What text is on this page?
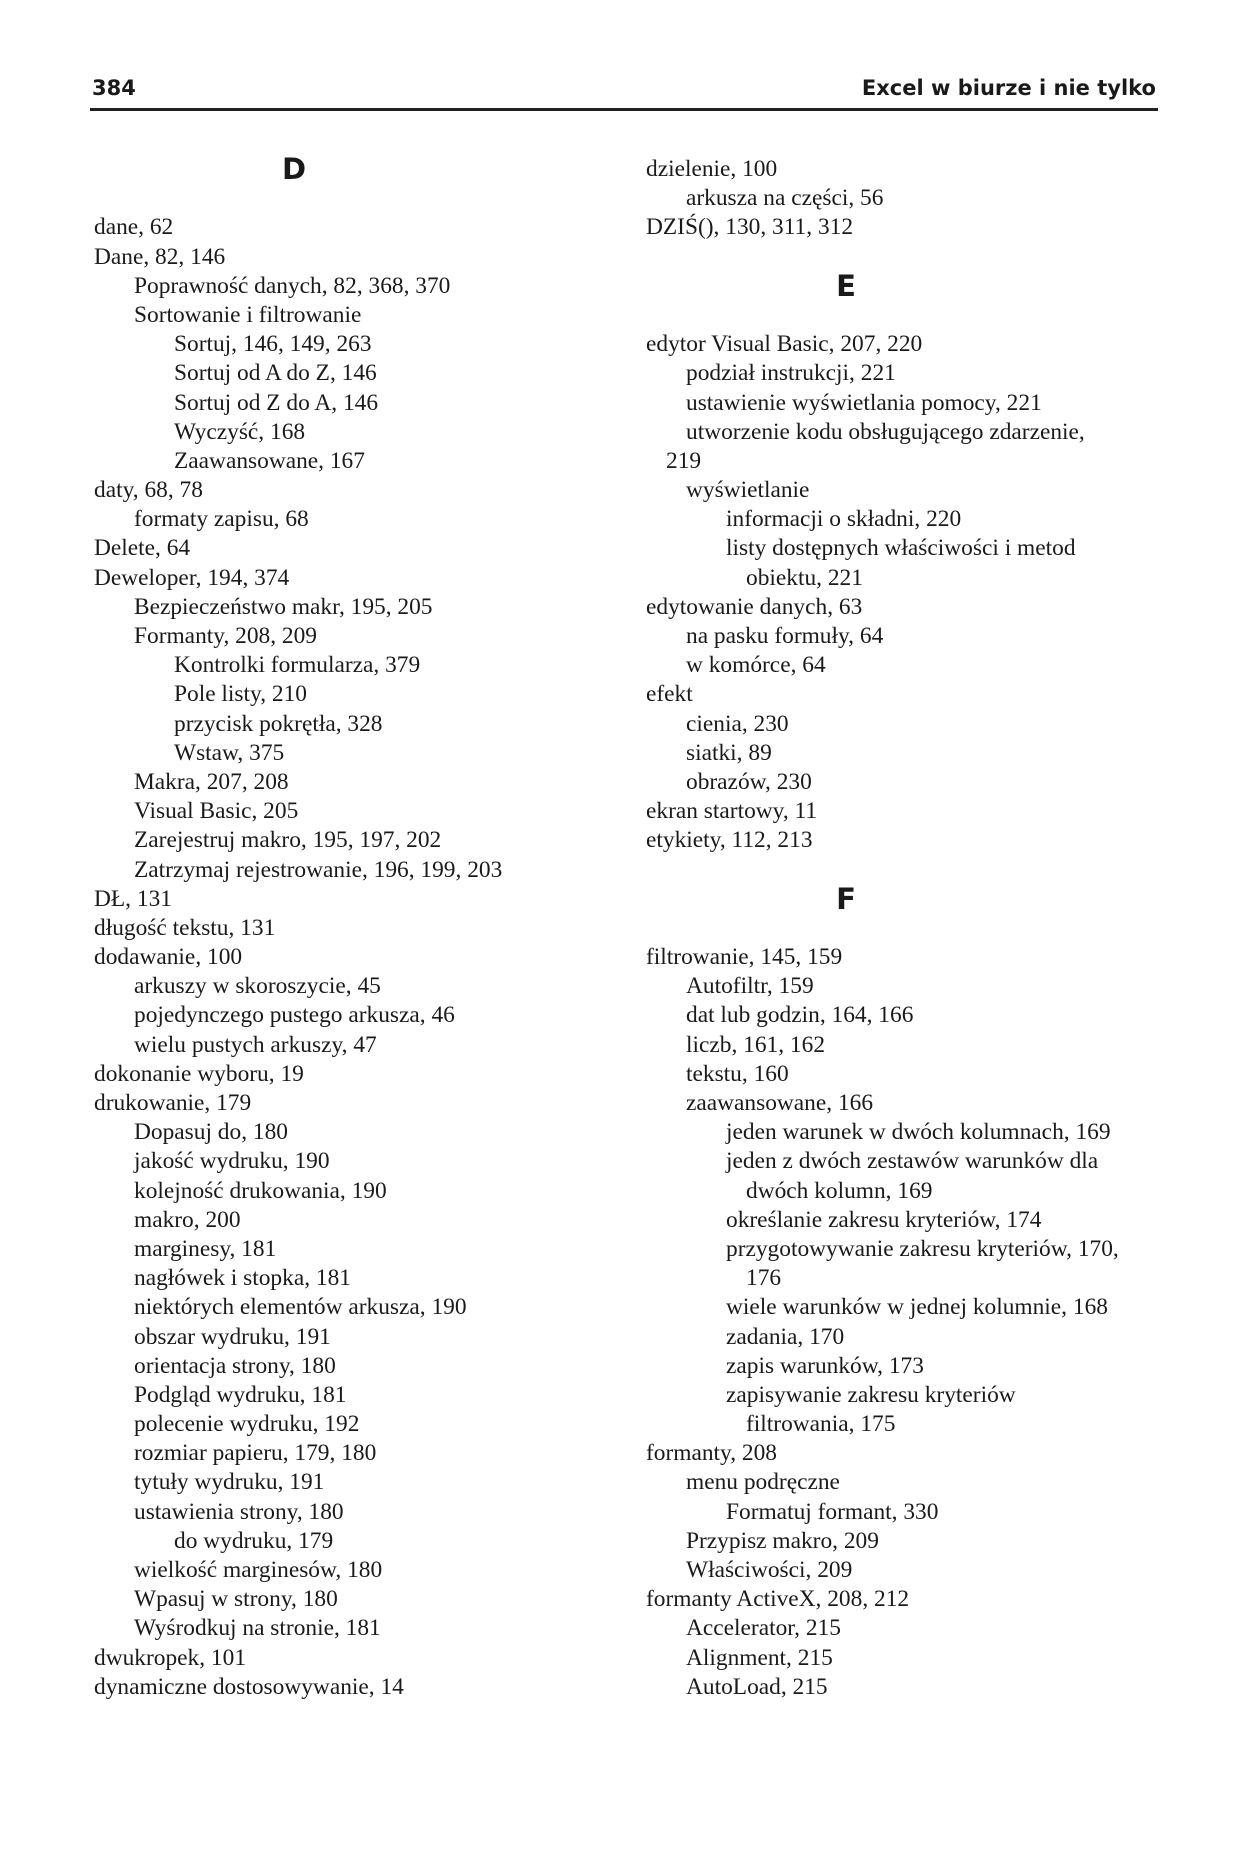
384	Excel w biurze i nie tylko
D
dane, 62
Dane, 82, 146
Poprawność danych, 82, 368, 370
Sortowanie i filtrowanie
Sortuj, 146, 149, 263
Sortuj od A do Z, 146
Sortuj od Z do A, 146
Wyczyść, 168
Zaawansowane, 167
daty, 68, 78
formaty zapisu, 68
Delete, 64
Deweloper, 194, 374
Bezpieczeństwo makr, 195, 205
Formanty, 208, 209
Kontrolki formularza, 379
Pole listy, 210
przycisk pokrętła, 328
Wstaw, 375
Makra, 207, 208
Visual Basic, 205
Zarejestruj makro, 195, 197, 202
Zatrzymaj rejestrowanie, 196, 199, 203
DŁ, 131
długość tekstu, 131
dodawanie, 100
arkuszy w skoroszycie, 45
pojedynczego pustego arkusza, 46
wielu pustych arkuszy, 47
dokonanie wyboru, 19
drukowanie, 179
Dopasuj do, 180
jakość wydruku, 190
kolejność drukowania, 190
makro, 200
marginesy, 181
nagłówek i stopka, 181
niektórych elementów arkusza, 190
obszar wydruku, 191
orientacja strony, 180
Podgląd wydruku, 181
polecenie wydruku, 192
rozmiar papieru, 179, 180
tytuły wydruku, 191
ustawienia strony, 180
do wydruku, 179
wielkość marginesów, 180
Wpasuj w strony, 180
Wyśrodkuj na stronie, 181
dwukropek, 101
dynamiczne dostosowywanie, 14
dzielenie, 100
arkusza na części, 56
DZIŚ(), 130, 311, 312
E
edytor Visual Basic, 207, 220
podział instrukcji, 221
ustawienie wyświetlania pomocy, 221
utworzenie kodu obsługującego zdarzenie,
219
wyświetlanie
informacji o składni, 220
listy dostępnych właściwości i metod
obiektu, 221
edytowanie danych, 63
na pasku formuły, 64
w komórce, 64
efekt
cienia, 230
siatki, 89
obrazów, 230
ekran startowy, 11
etykiety, 112, 213
F
filtrowanie, 145, 159
Autofiltr, 159
dat lub godzin, 164, 166
liczb, 161, 162
tekstu, 160
zaawansowane, 166
jeden warunek w dwóch kolumnach, 169
jeden z dwóch zestawów warunków dla
dwóch kolumn, 169
określanie zakresu kryteriów, 174
przygotowywanie zakresu kryteriów, 170,
176
wiele warunków w jednej kolumnie, 168
zadania, 170
zapis warunków, 173
zapisywanie zakresu kryteriów
filtrowania, 175
formanty, 208
menu podręczne
Formatuj formant, 330
Przypisz makro, 209
Właściwości, 209
formanty ActiveX, 208, 212
Accelerator, 215
Alignment, 215
AutoLoad, 215
